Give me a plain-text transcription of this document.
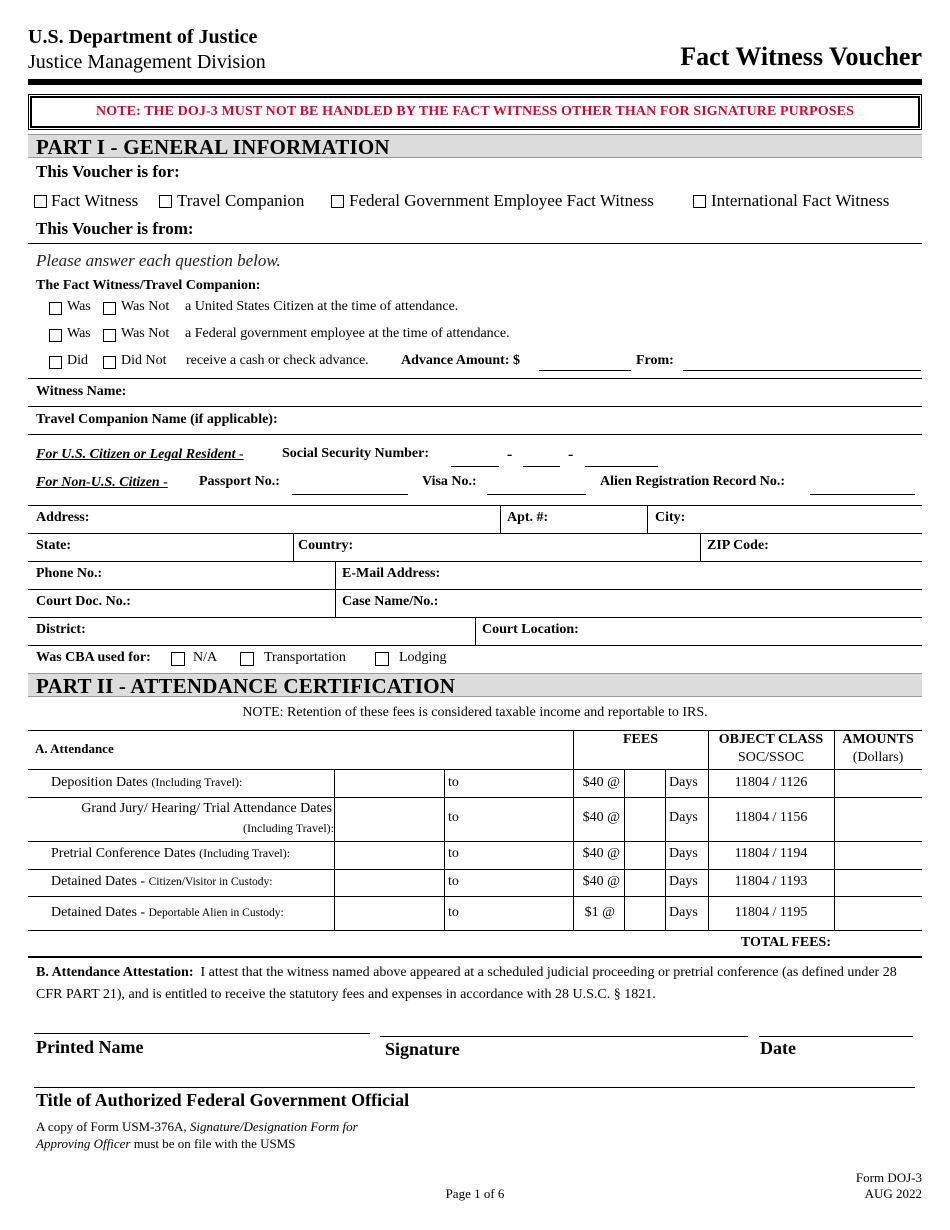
U.S. Department of Justice
Justice Management Division	Fact Witness Voucher
NOTE: THE DOJ-3 MUST NOT BE HANDLED BY THE FACT WITNESS OTHER THAN FOR SIGNATURE PURPOSES
PART I - GENERAL INFORMATION
This Voucher is for:
Fact Witness Travel Companion	Federal Government Employee Fact Witness	International Fact Witness
This Voucher is from:
Please answer each question below.
The Fact Witness/Travel Companion:
Was Was Not a United States Citizen at the time of attendance.
Was Was Not a Federal government employee at the time of attendance.
Did Did Not receive a cash or check advance. Advance Amount: $	From:
Witness Name:
Travel Companion Name (if applicable):
For U.S. Citizen or Legal Resident -	Social Security Number:	-	-
For Non-U.S. Citizen - Passport No.:	Visa No.:	Alien Registration Record No.:
Address:	Apt. #:	City:
State:	Country:	ZIP Code:
Phone No.:	E-Mail Address:
Court Doc. No.:	Case Name/No.:
District:	Court Location:
Was CBA used for:	N/A	Transportation	Lodging
PART II - ATTENDANCE CERTIFICATION
NOTE: Retention of these fees is considered taxable income and reportable to IRS.
A. Attendance
FEES	OBJECT CLASS
SOC/SSOC
AMOUNTS
(Dollars)
Deposition Dates (Including Travel):	to	$40 @	Days	11804 / 1126
Grand Jury/ Hearing/ Trial Attendance Dates
(Including Travel):
to	$40 @	Days	11804 / 1156
Pretrial Conference Dates (Including Travel):	to	$40 @	Days	11804 / 1194
Detained Dates - Citizen/Visitor in Custody:	to	$40 @	Days	11804 / 1193
Detained Dates - Deportable Alien in Custody:	to	$1 @	Days	11804 / 1195
TOTAL FEES:
B. Attendance Attestation: I attest that the witness named above appeared at a scheduled judicial proceeding or pretrial conference (as defined under 28 CFR PART 21), and is entitled to receive the statutory fees and expenses in accordance with 28 U.S.C. § 1821.
Printed Name	Signature	Date
Title of Authorized Federal Government Official
A copy of Form USM-376A, Signature/Designation Form for Approving Officer must be on file with the USMS
Page 1 of 6
Form DOJ-3
AUG 2022
